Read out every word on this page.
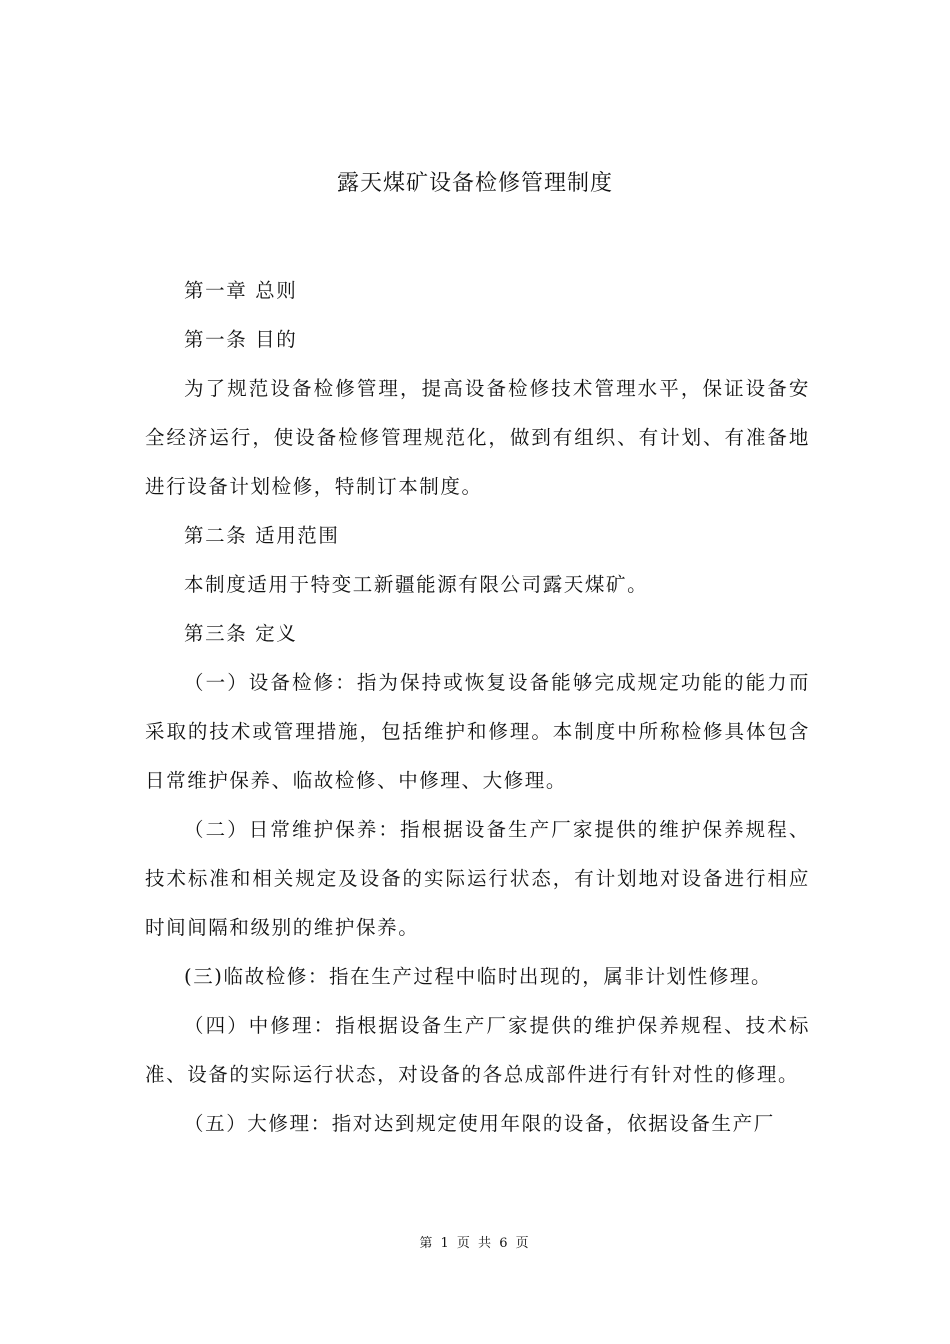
露天煤矿设备检修管理制度

第一章 总则

第一条 目的

为了规范设备检修管理，提高设备检修技术管理水平，保证设备安全经济运行，使设备检修管理规范化，做到有组织、有计划、有准备地进行设备计划检修，特制订本制度。

第二条 适用范围

本制度适用于特变工新疆能源有限公司露天煤矿。

第三条 定义

（一）设备检修：指为保持或恢复设备能够完成规定功能的能力而采取的技术或管理措施，包括维护和修理。本制度中所称检修具体包含日常维护保养、临故检修、中修理、大修理。

（二）日常维护保养：指根据设备生产厂家提供的维护保养规程、技术标准和相关规定及设备的实际运行状态，有计划地对设备进行相应时间间隔和级别的维护保养。

(三)临故检修：指在生产过程中临时出现的，属非计划性修理。

（四）中修理：指根据设备生产厂家提供的维护保养规程、技术标准、设备的实际运行状态，对设备的各总成部件进行有针对性的修理。

（五）大修理：指对达到规定使用年限的设备，依据设备生产厂

第 1 页 共 6 页
